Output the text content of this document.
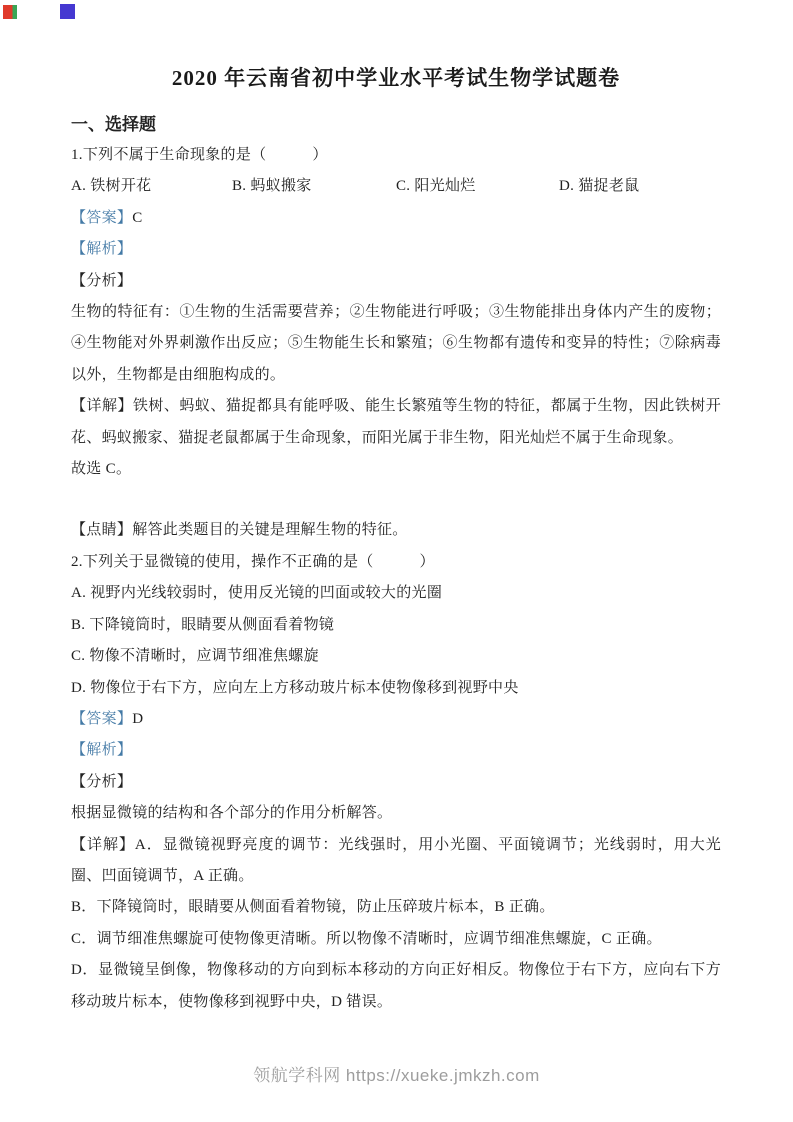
2020 年云南省初中学业水平考试生物学试题卷
一、选择题

1.下列不属于生命现象的是（　　　）

A. 铁树开花	B. 蚂蚁搬家	C. 阳光灿烂	D. 猫捉老鼠

【答案】C

【解析】

【分析】

生物的特征有：①生物的生活需要营养；②生物能进行呼吸；③生物能排出身体内产生的废物；④生物能对外界刺激作出反应；⑤生物能生长和繁殖；⑥生物都有遗传和变异的特性；⑦除病毒以外，生物都是由细胞构成的。

【详解】铁树、蚂蚁、猫捉都具有能呼吸、能生长繁殖等生物的特征，都属于生物，因此铁树开花、蚂蚁搬家、猫捉老鼠都属于生命现象，而阳光属于非生物，阳光灿烂不属于生命现象。

故选 C。

【点睛】解答此类题目的关键是理解生物的特征。

2.下列关于显微镜的使用，操作不正确的是（　　　）

A. 视野内光线较弱时，使用反光镜的凹面或较大的光圈

B. 下降镜筒时，眼睛要从侧面看着物镜

C. 物像不清晰时，应调节细准焦螺旋

D. 物像位于右下方，应向左上方移动玻片标本使物像移到视野中央

【答案】D

【解析】

【分析】

根据显微镜的结构和各个部分的作用分析解答。

【详解】A．显微镜视野亮度的调节：光线强时，用小光圈、平面镜调节；光线弱时，用大光圈、凹面镜调节，A 正确。

B．下降镜筒时，眼睛要从侧面看着物镜，防止压碎玻片标本，B 正确。

C．调节细准焦螺旋可使物像更清晰。所以物像不清晰时，应调节细准焦螺旋，C 正确。

D．显微镜呈倒像，物像移动的方向到标本移动的方向正好相反。物像位于右下方，应向右下方移动玻片标本，使物像移到视野中央，D 错误。

领航学科网 https://xueke.jmkzh.com
